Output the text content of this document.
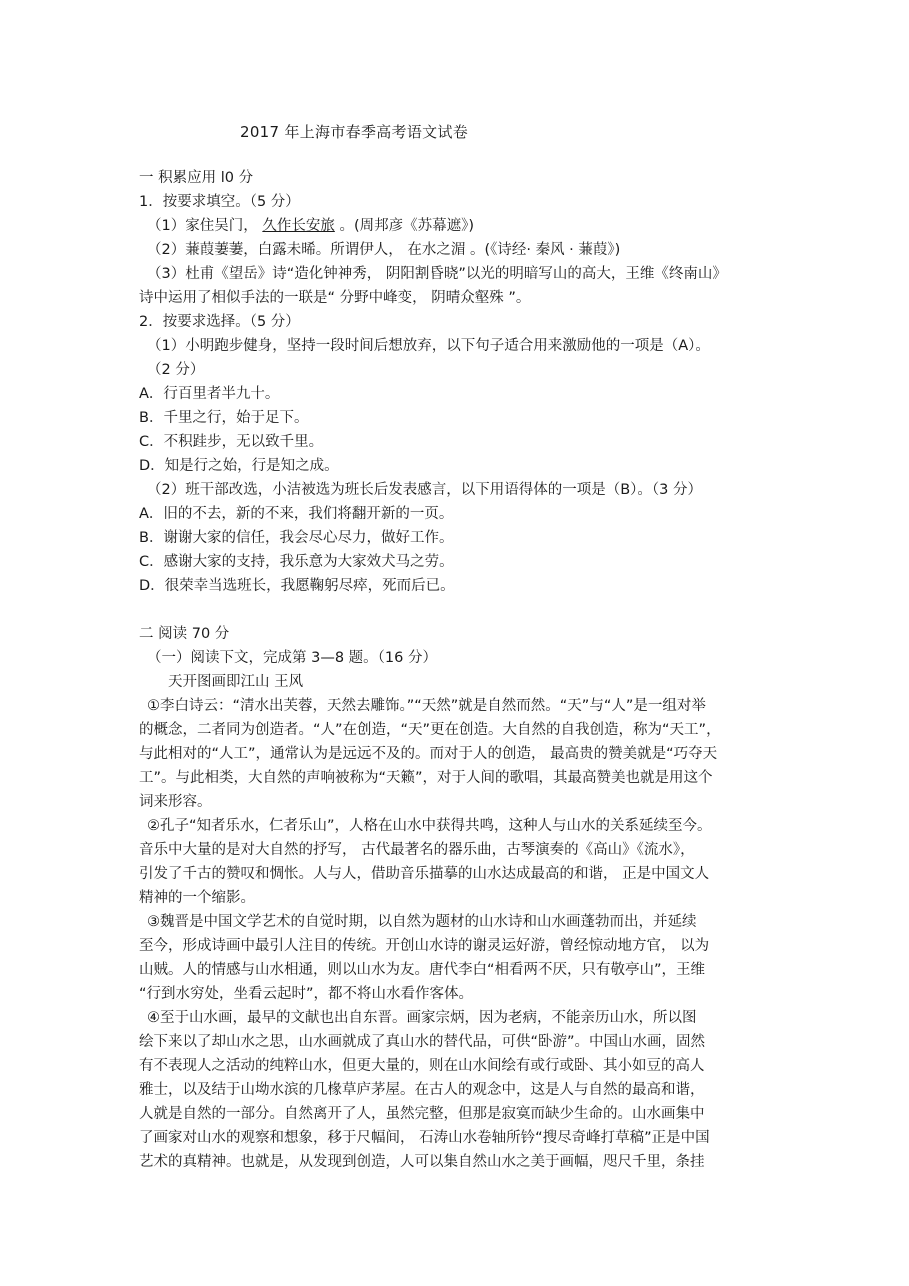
2017 年上海市春季高考语文试卷
一 积累应用 l0 分
1．按要求填空。（5 分）
（1）家住吴门， 久作长安旅 。(周邦彦《苏幕遮》)
（2）蒹葭萋萋，白露未晞。所谓伊人， 在水之湄 。(《诗经· 秦风 · 蒹葭》)
（3）杜甫《望岳》诗“造化钟神秀， 阴阳割昏晓”以光的明暗写山的高大，王维《终南山》
诗中运用了相似手法的一联是“ 分野中峰变， 阴晴众壑殊 ”。
2．按要求选择。（5 分）
（1）小明跑步健身，坚持一段时间后想放弃，以下句子适合用来激励他的一项是（A）。
（2 分）
A．行百里者半九十。
B．千里之行，始于足下。
C．不积跬步，无以致千里。
D．知是行之始，行是知之成。
（2）班干部改选，小洁被选为班长后发表感言，以下用语得体的一项是（B）。（3 分）
A．旧的不去，新的不来，我们将翻开新的一页。
B．谢谢大家的信任，我会尽心尽力，做好工作。
C．感谢大家的支持，我乐意为大家效犬马之劳。
D．很荣幸当选班长，我愿鞠躬尽瘁，死而后已。
二 阅读 70 分
（一）阅读下文，完成第 3—8 题。（16 分）
天开图画即江山 王风
①李白诗云：“清水出芙蓉，天然去雕饰。”“天然”就是自然而然。“天”与“人”是一组对举
的概念，二者同为创造者。“人”在创造，“天”更在创造。大自然的自我创造，称为“天工”，
与此相对的“人工”，通常认为是远远不及的。而对于人的创造， 最高贵的赞美就是“巧夺天
工”。与此相类，大自然的声响被称为“天籁”，对于人间的歌唱，其最高赞美也就是用这个
词来形容。
②孔子“知者乐水，仁者乐山”，人格在山水中获得共鸣，这种人与山水的关系延续至今。
音乐中大量的是对大自然的抒写， 古代最著名的器乐曲，古琴演奏的《高山》《流水》，
引发了千古的赞叹和惆怅。人与人，借助音乐描摹的山水达成最高的和谐， 正是中国文人
精神的一个缩影。
③魏晋是中国文学艺术的自觉时期，以自然为题材的山水诗和山水画蓬勃而出，并延续
至今，形成诗画中最引人注目的传统。开创山水诗的谢灵运好游，曾经惊动地方官， 以为
山贼。人的情感与山水相通，则以山水为友。唐代李白“相看两不厌，只有敬亭山”，王维
“行到水穷处，坐看云起时”，都不将山水看作客体。
④至于山水画，最早的文献也出自东晋。画家宗炳，因为老病，不能亲历山水，所以图
绘下来以了却山水之思，山水画就成了真山水的替代品，可供“卧游”。中国山水画，固然
有不表现人之活动的纯粹山水，但更大量的，则在山水间绘有或行或卧、其小如豆的高人
雅士，以及结于山坳水滨的几椽草庐茅屋。在古人的观念中，这是人与自然的最高和谐，
人就是自然的一部分。自然离开了人，虽然完整，但那是寂寞而缺少生命的。山水画集中
了画家对山水的观察和想象，移于尺幅间， 石涛山水卷轴所钤“搜尽奇峰打草稿”正是中国
艺术的真精神。也就是，从发现到创造，人可以集自然山水之美于画幅，咫尺千里，条挂
